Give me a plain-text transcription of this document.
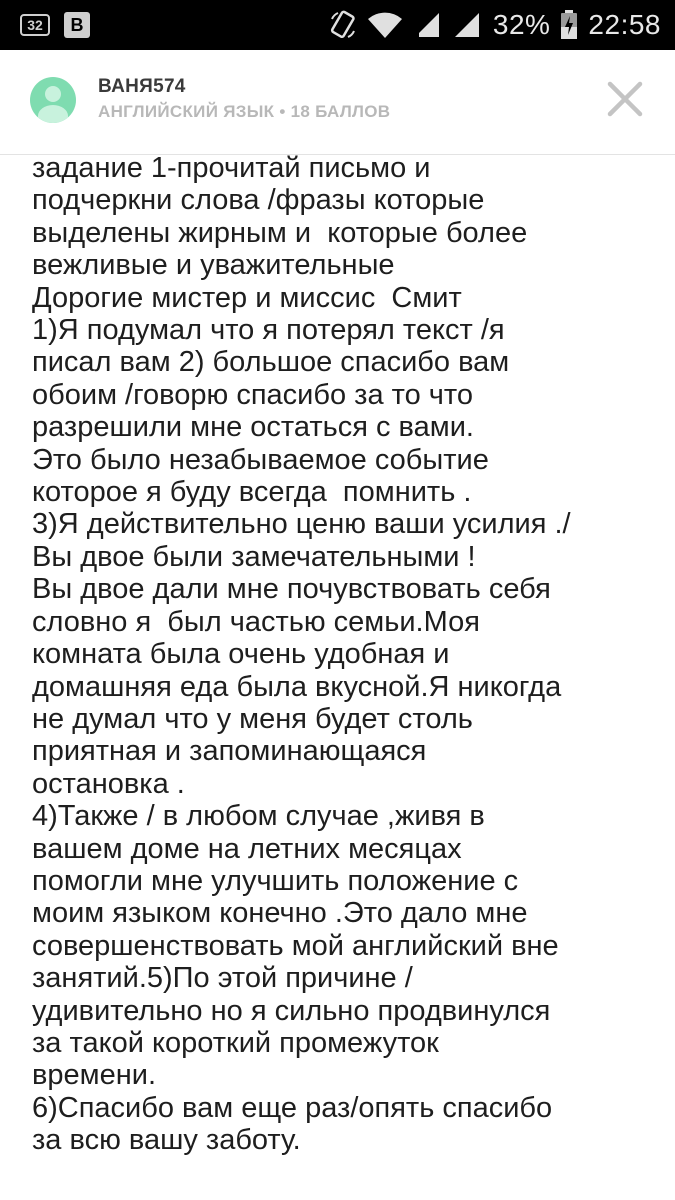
32	B	32% 22:58
ВАНЯ574
АНГЛИЙСКИЙ ЯЗЫК • 18 БАЛЛОВ
задание 1-прочитай письмо и
подчеркни слова /фразы которые
выделены жирным и  которые более
вежливые и уважительные
Дорогие мистер и миссис  Смит
1)Я подумал что я потерял текст /я
писал вам 2) большое спасибо вам
обоим /говорю спасибо за то что
разрешили мне остаться с вами.
Это было незабываемое событие
которое я буду всегда  помнить .
3)Я действительно ценю ваши усилия ./
Вы двое были замечательными !
Вы двое дали мне почувствовать себя
словно я  был частью семьи.Моя
комната была очень удобная и
домашняя еда была вкусной.Я никогда
не думал что у меня будет столь
приятная и запоминающаяся
остановка .
4)Также / в любом случае ,живя в
вашем доме на летних месяцах
помогли мне улучшить положение с
моим языком конечно .Это дало мне
совершенствовать мой английский вне
занятий.5)По этой причине /
удивительно но я сильно продвинулся
за такой короткий промежуток
времени.
6)Спасибо вам еще раз/опять спасибо
за всю вашу заботу.
